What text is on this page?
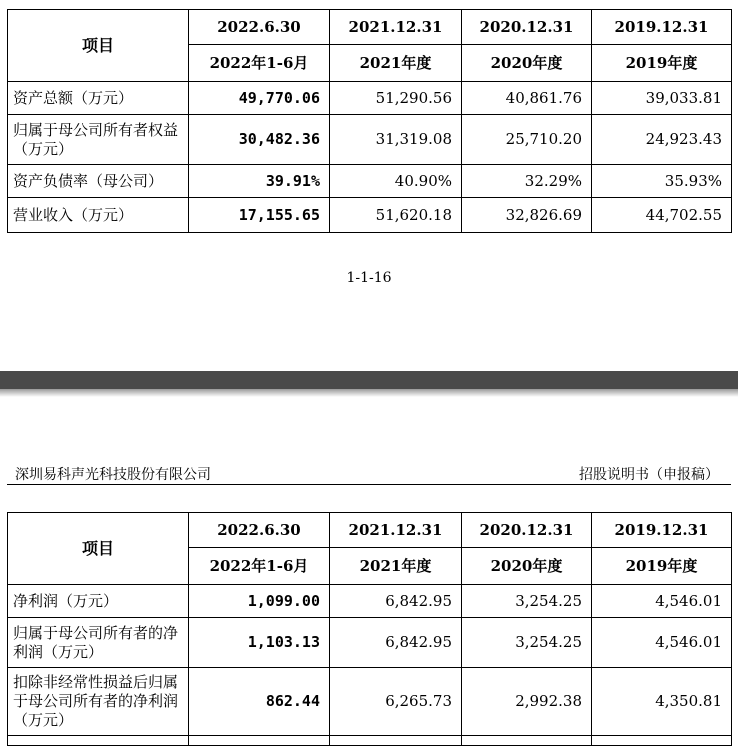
项目	2022.6.30	2021.12.31	2020.12.31	2019.12.31
	2022年1-6月	2021年度	2020年度	2019年度
资产总额（万元）	49,770.06	51,290.56	40,861.76	39,033.81
归属于母公司所有者权益（万元）	30,482.36	31,319.08	25,710.20	24,923.43
资产负债率（母公司）	39.91%	40.90%	32.29%	35.93%
营业收入（万元）	17,155.65	51,620.18	32,826.69	44,702.55
1-1-16
深圳易科声光科技股份有限公司	招股说明书（申报稿）
项目	2022.6.30	2021.12.31	2020.12.31	2019.12.31
	2022年1-6月	2021年度	2020年度	2019年度
净利润（万元）	1,099.00	6,842.95	3,254.25	4,546.01
归属于母公司所有者的净利润（万元）	1,103.13	6,842.95	3,254.25	4,546.01
扣除非经常性损益后归属于母公司所有者的净利润（万元）	862.44	6,265.73	2,992.38	4,350.81
